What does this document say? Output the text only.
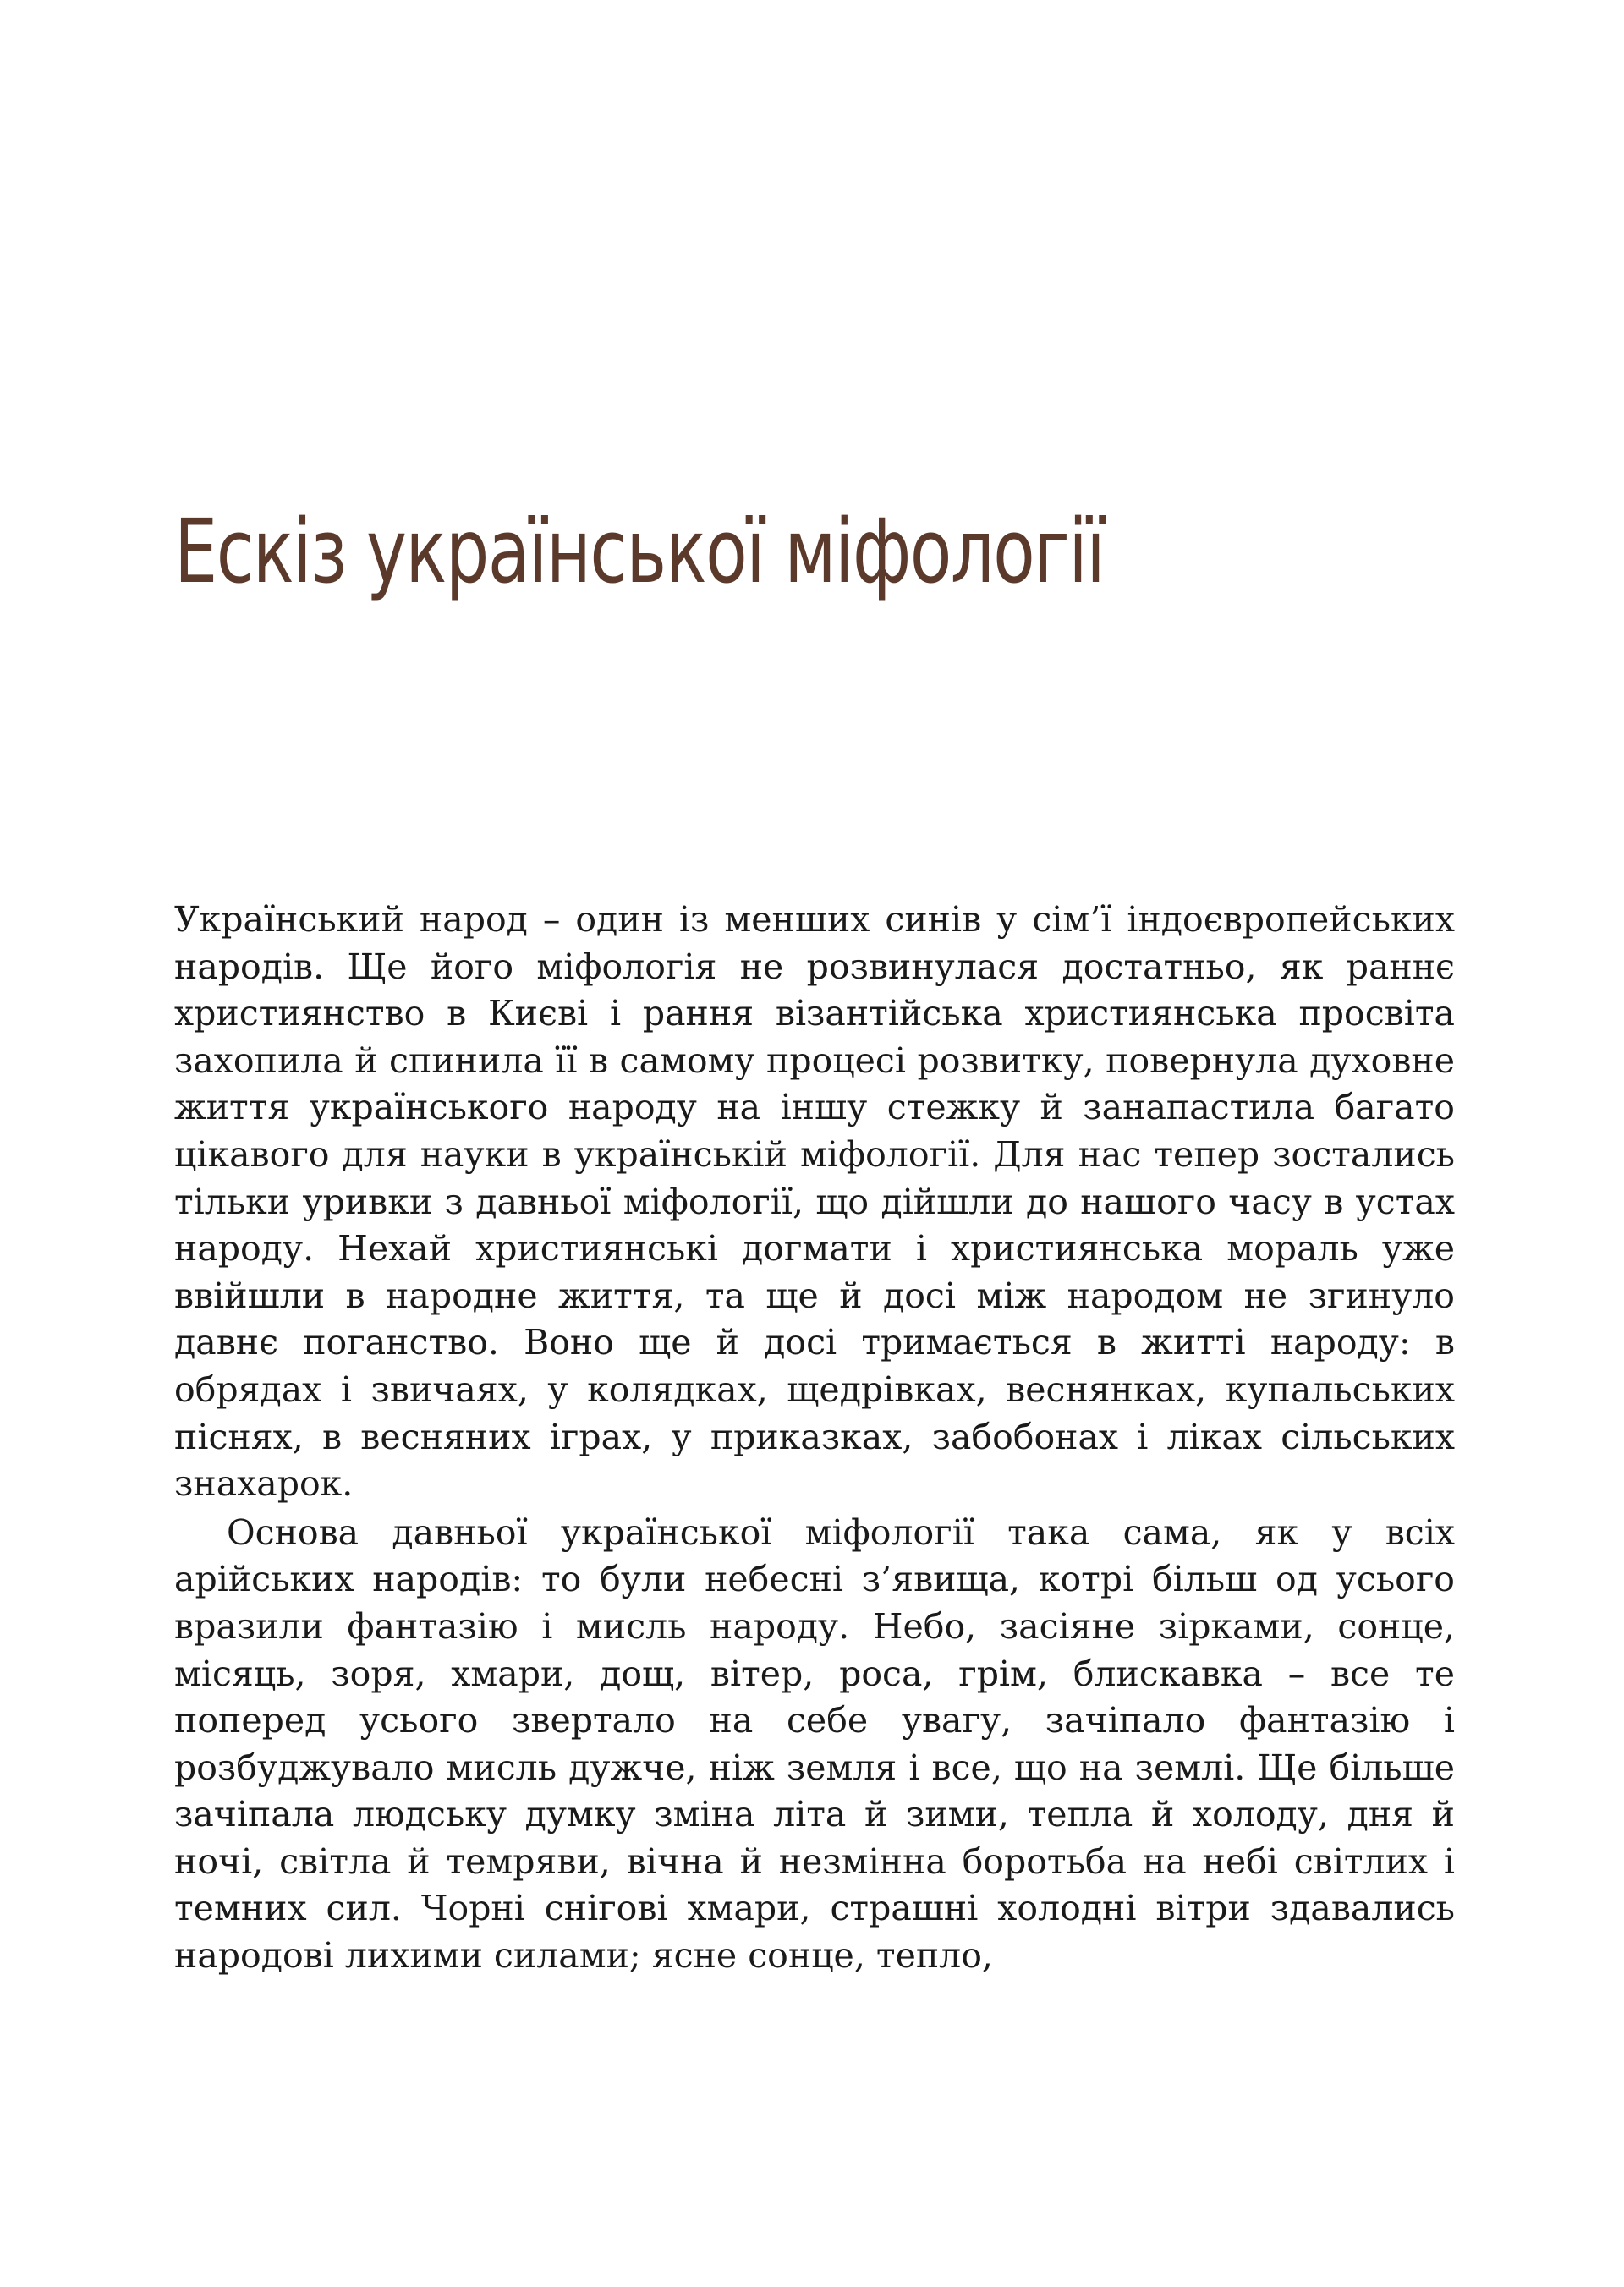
Ескіз української міфології

Український народ – один із менших синів у сім’ї індоєвропейських народів. Ще його міфологія не розвинулася достатньо, як раннє християнство в Києві і рання візантійська християнська просвіта захопила й спинила її в самому процесі розвитку, повернула духовне життя українського народу на іншу стежку й занапастила багато цікавого для науки в українській міфології. Для нас тепер зостались тільки уривки з давньої міфології, що дійшли до нашого часу в устах народу. Нехай християнські догмати і християнська мораль уже ввійшли в народне життя, та ще й досі між народом не згинуло давнє поганство. Воно ще й досі тримається в житті народу: в обрядах і звичаях, у колядках, щедрівках, веснянках, купальських піснях, в весняних іграх, у приказках, забобонах і ліках сільських знахарок.

Основа давньої української міфології така сама, як у всіх арійських народів: то були небесні з’явища, котрі більш од усього вразили фантазію і мисль народу. Небо, засіяне зірками, сонце, місяць, зоря, хмари, дощ, вітер, роса, грім, блискавка – все те поперед усього звертало на себе увагу, зачіпало фантазію і розбуджувало мисль дужче, ніж земля і все, що на землі. Ще більше зачіпала людську думку зміна літа й зими, тепла й холоду, дня й ночі, світла й темряви, вічна й незмінна боротьба на небі світлих і темних сил. Чорні снігові хмари, страшні холодні вітри здавались народові лихими силами; ясне сонце, тепло,
